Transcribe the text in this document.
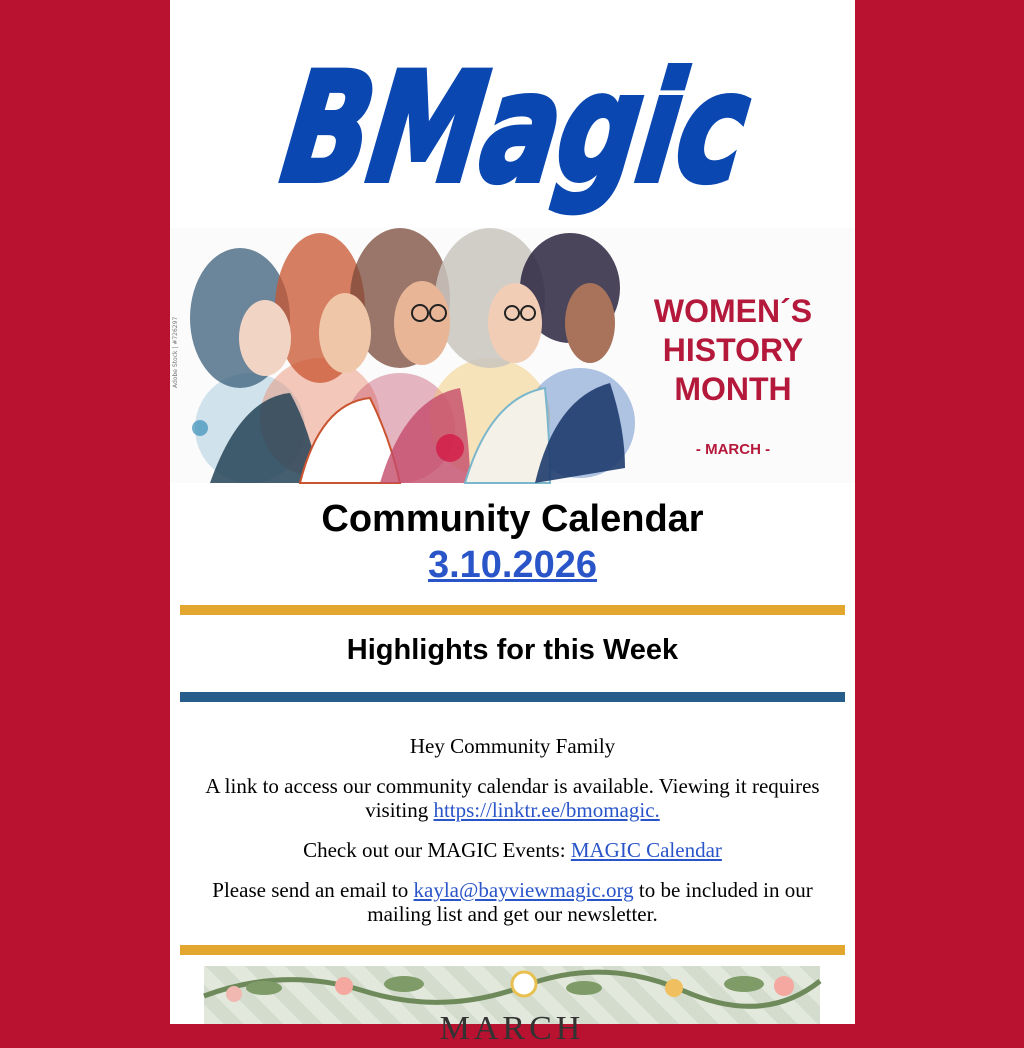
BMagic
WOMEN´S
HISTORY
MONTH
- MARCH -
Adobe Stock | #726297
Community Calendar
3.10.2026
Highlights for this Week
Hey Community Family
A link to access our community calendar is available. Viewing it requires visiting https://linktr.ee/bmomagic.
Check out our MAGIC Events: MAGIC Calendar
Please send an email to kayla@bayviewmagic.org to be included in our mailing list and get our newsletter.
MARCH
